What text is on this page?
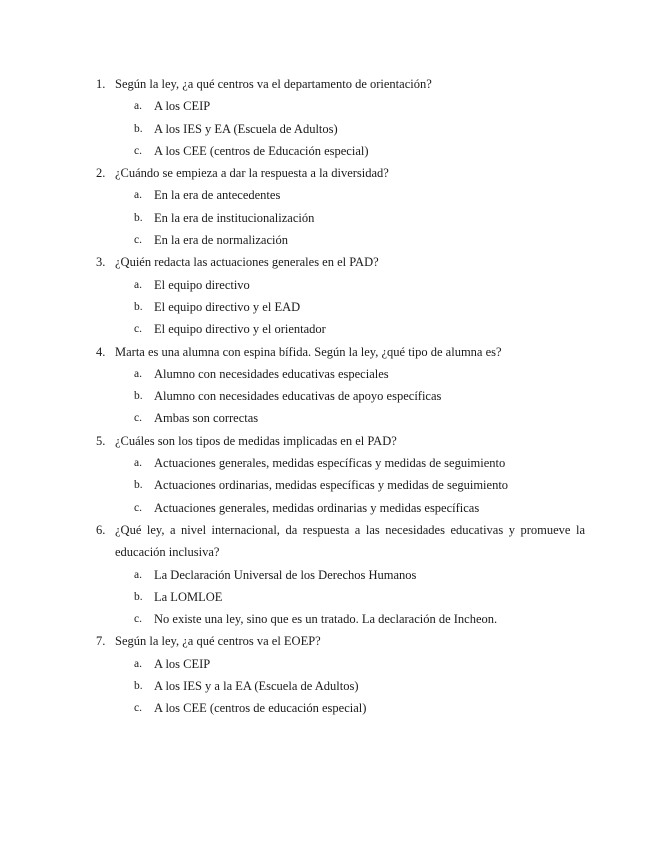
1. Según la ley, ¿a qué centros va el departamento de orientación?
a. A los CEIP
b. A los IES y EA (Escuela de Adultos)
c. A los CEE (centros de Educación especial)
2. ¿Cuándo se empieza a dar la respuesta a la diversidad?
a. En la era de antecedentes
b. En la era de institucionalización
c. En la era de normalización
3. ¿Quién redacta las actuaciones generales en el PAD?
a. El equipo directivo
b. El equipo directivo y el EAD
c. El equipo directivo y el orientador
4. Marta es una alumna con espina bífida. Según la ley, ¿qué tipo de alumna es?
a. Alumno con necesidades educativas especiales
b. Alumno con necesidades educativas de apoyo específicas
c. Ambas son correctas
5. ¿Cuáles son los tipos de medidas implicadas en el PAD?
a. Actuaciones generales, medidas específicas y medidas de seguimiento
b. Actuaciones ordinarias, medidas específicas y medidas de seguimiento
c. Actuaciones generales, medidas ordinarias y medidas específicas
6. ¿Qué ley, a nivel internacional, da respuesta a las necesidades educativas y promueve la educación inclusiva?
a. La Declaración Universal de los Derechos Humanos
b. La LOMLOE
c. No existe una ley, sino que es un tratado. La declaración de Incheon.
7. Según la ley, ¿a qué centros va el EOEP?
a. A los CEIP
b. A los IES y a la EA (Escuela de Adultos)
c. A los CEE (centros de educación especial)
